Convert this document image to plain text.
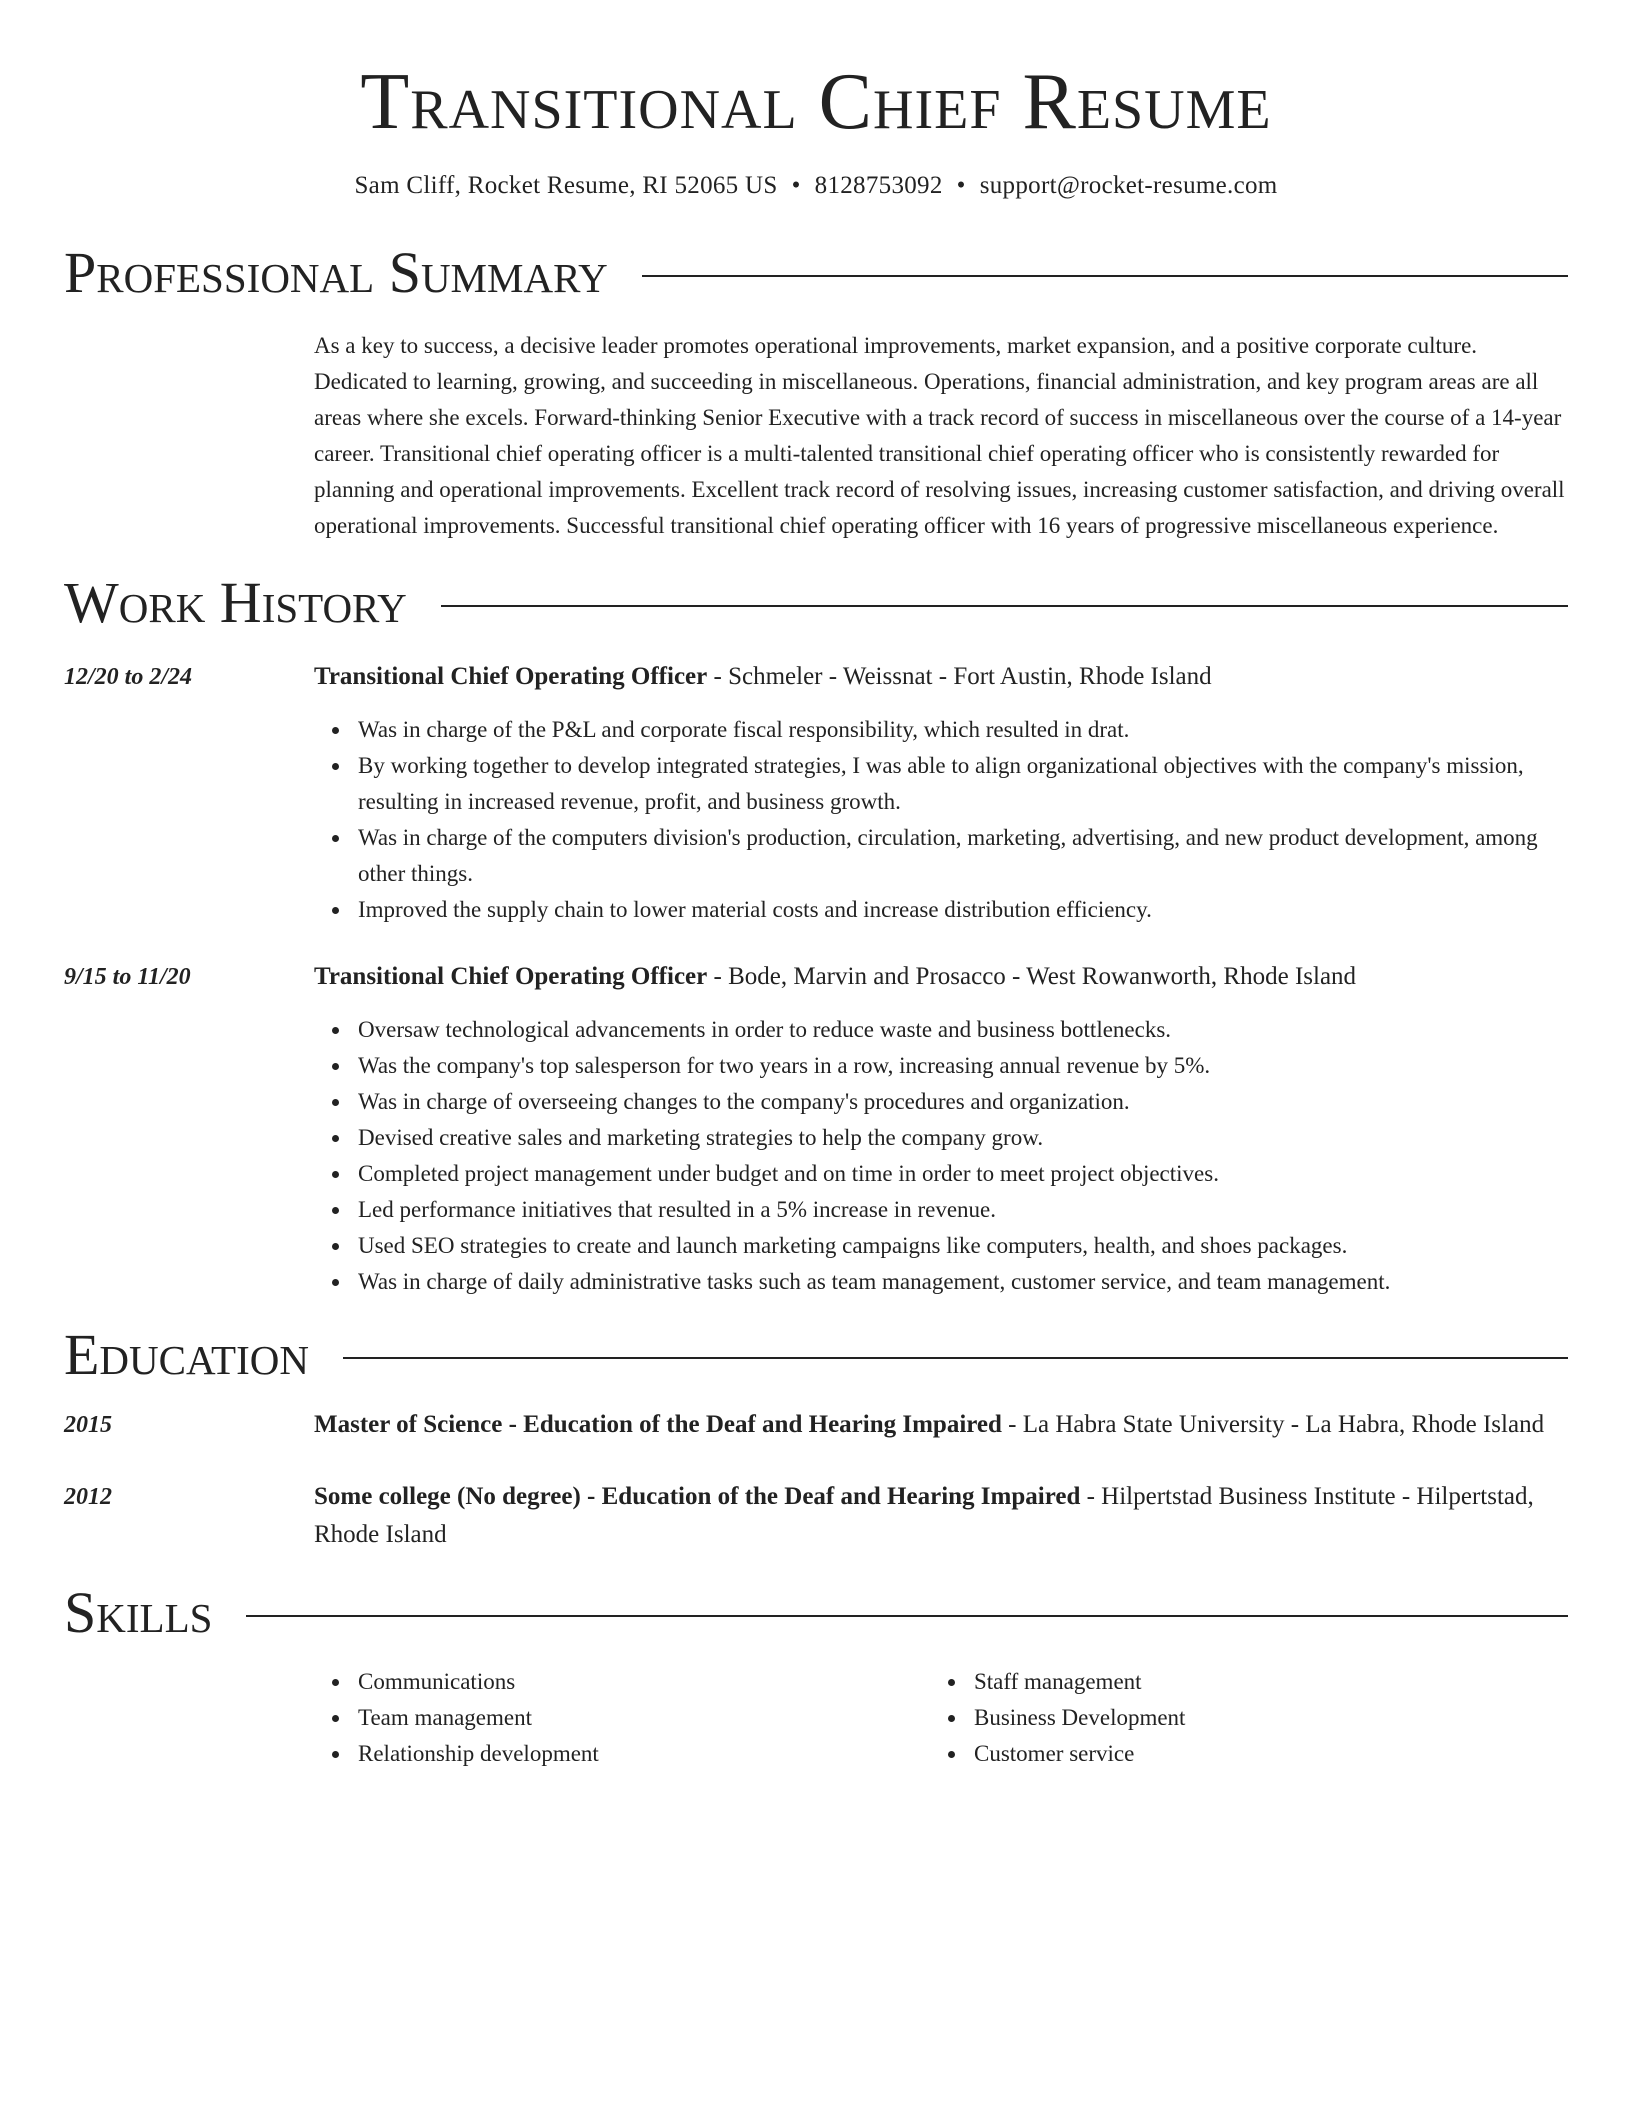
Transitional Chief Resume
Sam Cliff, Rocket Resume, RI 52065 US • 8128753092 • support@rocket-resume.com
Professional Summary

As a key to success, a decisive leader promotes operational improvements, market expansion, and a positive corporate culture. Dedicated to learning, growing, and succeeding in miscellaneous. Operations, financial administration, and key program areas are all areas where she excels. Forward-thinking Senior Executive with a track record of success in miscellaneous over the course of a 14-year career. Transitional chief operating officer is a multi-talented transitional chief operating officer who is consistently rewarded for planning and operational improvements. Excellent track record of resolving issues, increasing customer satisfaction, and driving overall operational improvements. Successful transitional chief operating officer with 16 years of progressive miscellaneous experience.

Work History
12/20 to 2/24	Transitional Chief Operating Officer - Schmeler - Weissnat - Fort Austin, Rhode Island
Was in charge of the P&L and corporate fiscal responsibility, which resulted in drat.
By working together to develop integrated strategies, I was able to align organizational objectives with the company's mission, resulting in increased revenue, profit, and business growth.
Was in charge of the computers division's production, circulation, marketing, advertising, and new product development, among other things.
Improved the supply chain to lower material costs and increase distribution efficiency.
9/15 to 11/20	Transitional Chief Operating Officer - Bode, Marvin and Prosacco - West Rowanworth, Rhode Island
Oversaw technological advancements in order to reduce waste and business bottlenecks.
Was the company's top salesperson for two years in a row, increasing annual revenue by 5%.
Was in charge of overseeing changes to the company's procedures and organization.
Devised creative sales and marketing strategies to help the company grow.
Completed project management under budget and on time in order to meet project objectives.
Led performance initiatives that resulted in a 5% increase in revenue.
Used SEO strategies to create and launch marketing campaigns like computers, health, and shoes packages.
Was in charge of daily administrative tasks such as team management, customer service, and team management.
Education
2015	Master of Science - Education of the Deaf and Hearing Impaired - La Habra State University - La Habra, Rhode Island
2012	Some college (No degree) - Education of the Deaf and Hearing Impaired - Hilpertstad Business Institute - Hilpertstad, Rhode Island
Skills
Communications
Team management
Relationship development
Staff management
Business Development
Customer service
